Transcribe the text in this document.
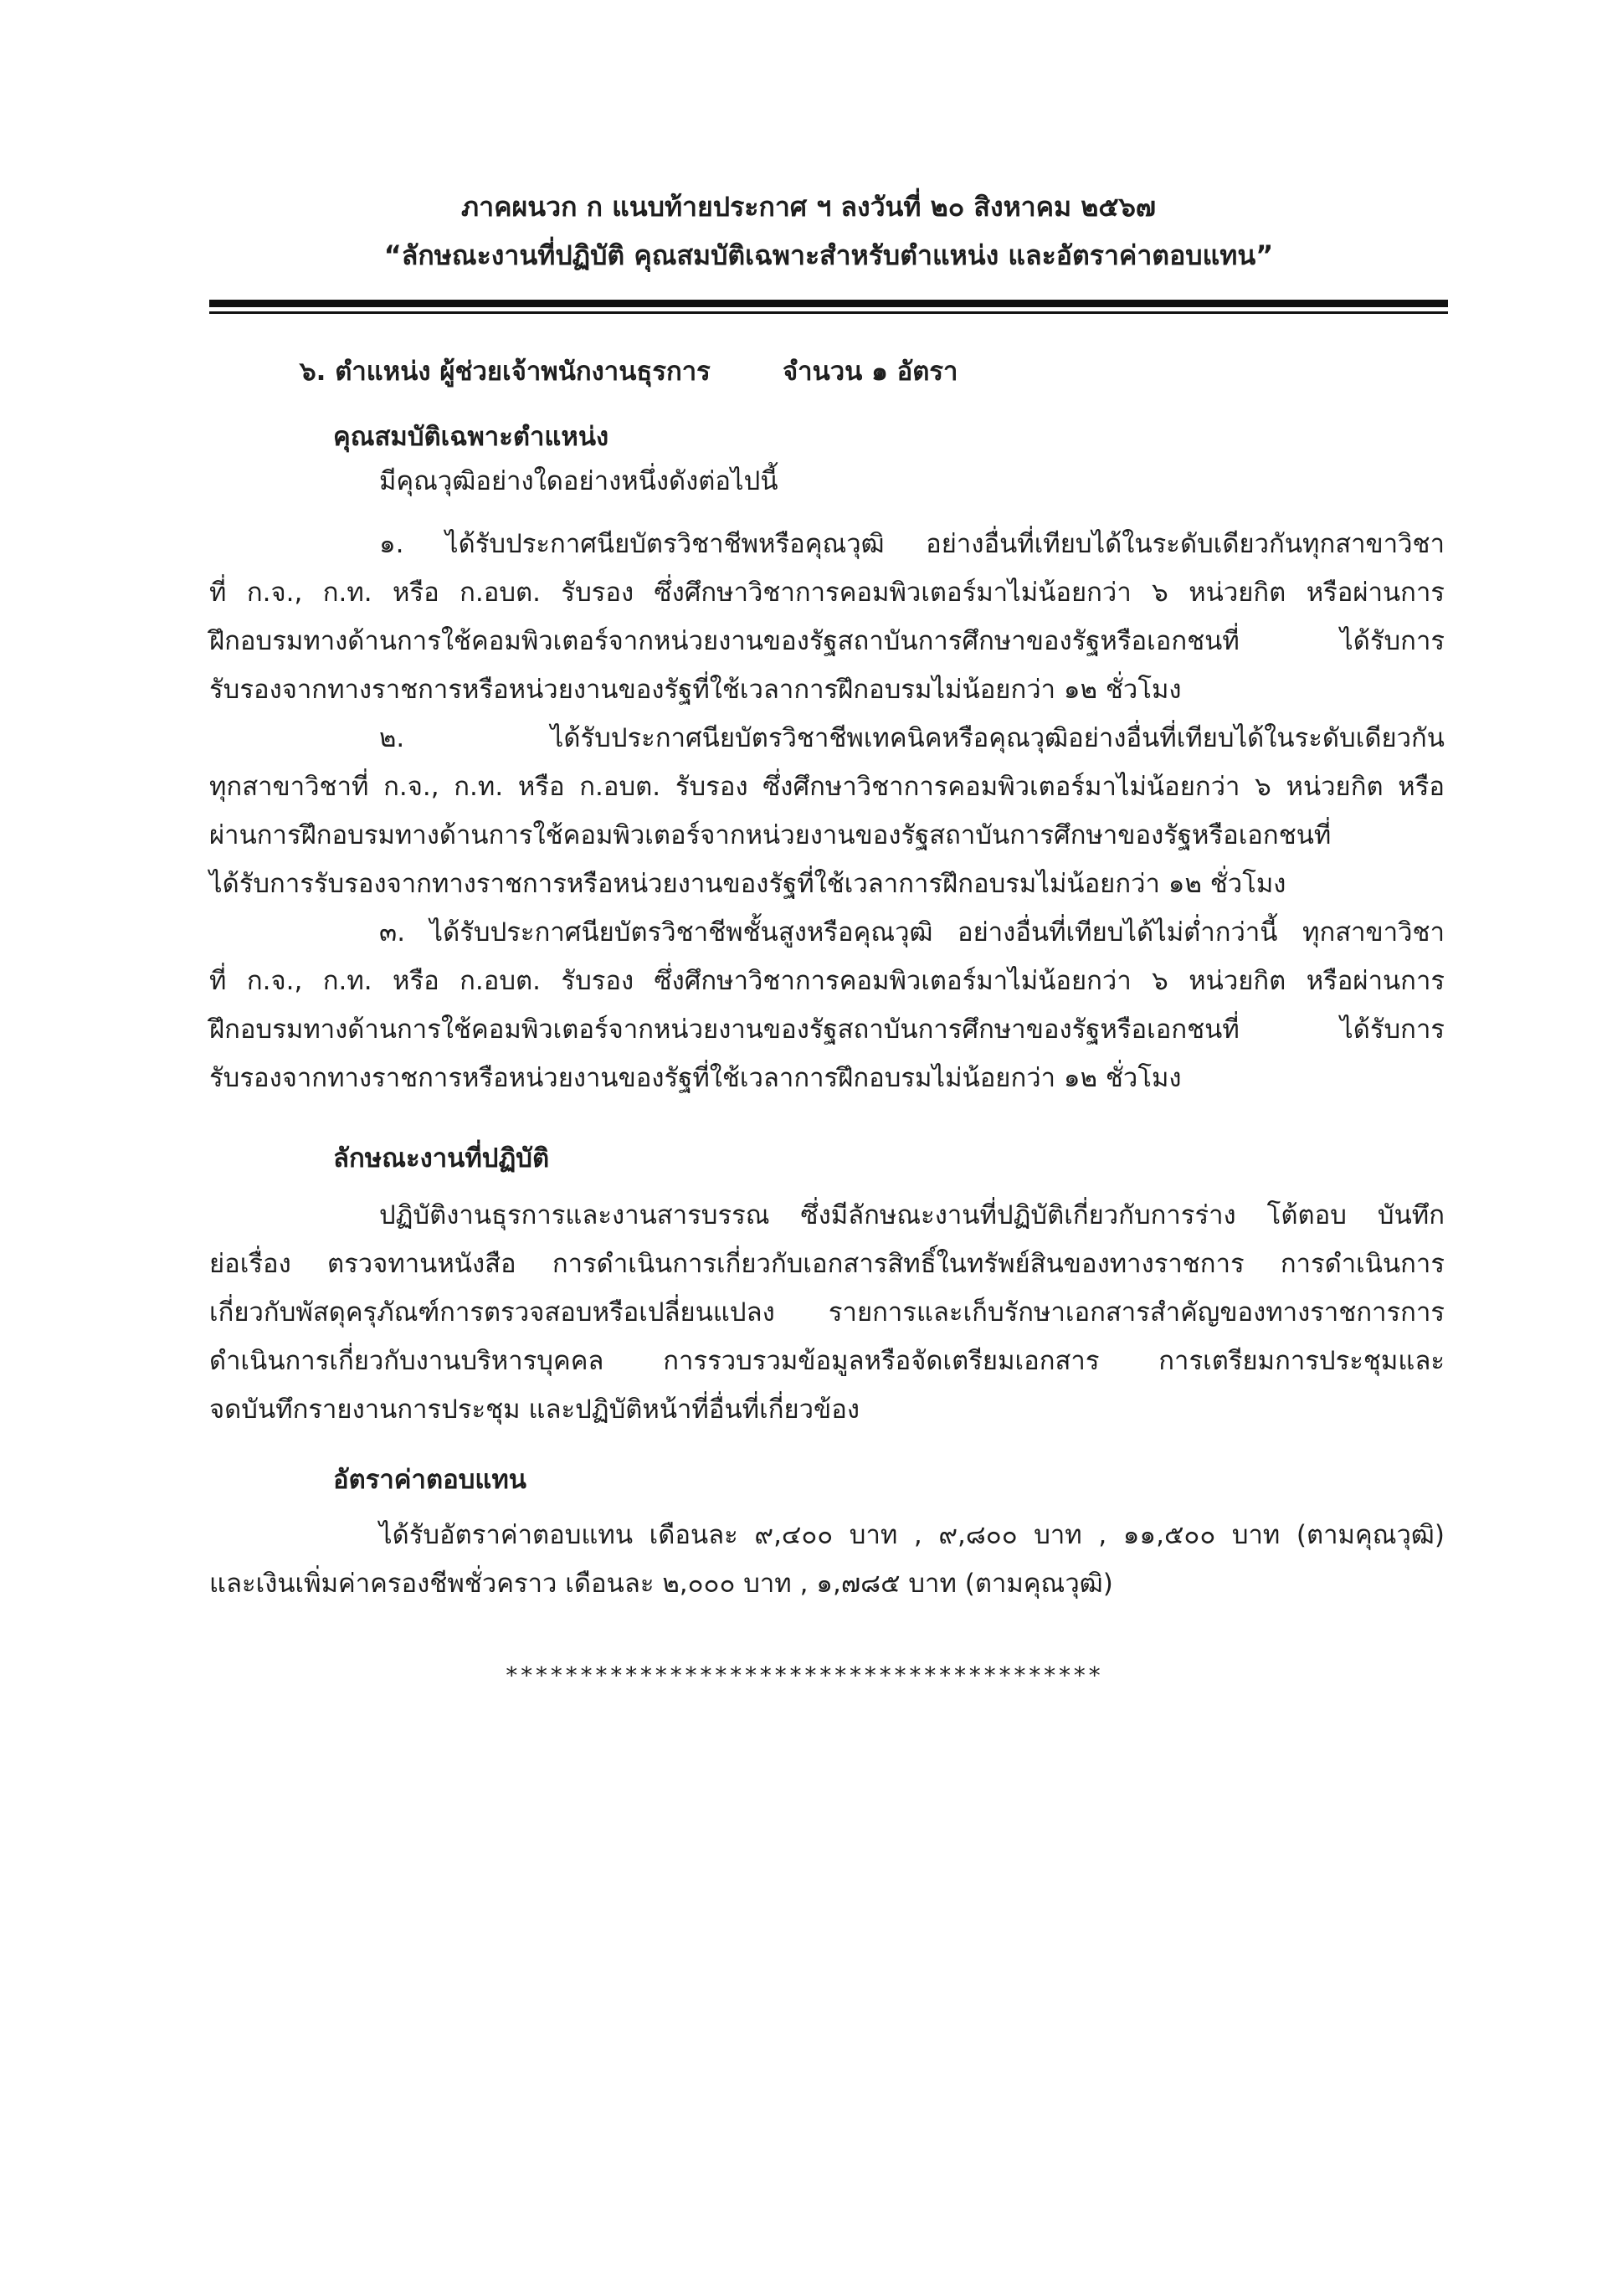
ภาคผนวก ก แนบท้ายประกาศ ฯ ลงวันที่ ๒๐ สิงหาคม ๒๕๖๗
“ลักษณะงานที่ปฏิบัติ คุณสมบัติเฉพาะสำหรับตำแหน่ง และอัตราค่าตอบแทน”
๖. ตำแหน่ง ผู้ช่วยเจ้าพนักงานธุรการ	จำนวน ๑ อัตรา
คุณสมบัติเฉพาะตำแหน่ง
มีคุณวุฒิอย่างใดอย่างหนึ่งดังต่อไปนี้
๑. ได้รับประกาศนียบัตรวิชาชีพหรือคุณวุฒิ อย่างอื่นที่เทียบได้ในระดับเดียวกันทุกสาขาวิชา
ที่ ก.จ., ก.ท. หรือ ก.อบต. รับรอง ซึ่งศึกษาวิชาการคอมพิวเตอร์มาไม่น้อยกว่า ๖ หน่วยกิต หรือผ่านการ
ฝึกอบรมทางด้านการใช้คอมพิวเตอร์จากหน่วยงานของรัฐสถาบันการศึกษาของรัฐหรือเอกชนที่ ได้รับการ
รับรองจากทางราชการหรือหน่วยงานของรัฐที่ใช้เวลาการฝึกอบรมไม่น้อยกว่า ๑๒ ชั่วโมง
๒. ได้รับประกาศนียบัตรวิชาชีพเทคนิคหรือคุณวุฒิอย่างอื่นที่เทียบได้ในระดับเดียวกัน
ทุกสาขาวิชาที่ ก.จ., ก.ท. หรือ ก.อบต. รับรอง ซึ่งศึกษาวิชาการคอมพิวเตอร์มาไม่น้อยกว่า ๖ หน่วยกิต หรือ
ผ่านการฝึกอบรมทางด้านการใช้คอมพิวเตอร์จากหน่วยงานของรัฐสถาบันการศึกษาของรัฐหรือเอกชนที่
ได้รับการรับรองจากทางราชการหรือหน่วยงานของรัฐที่ใช้เวลาการฝึกอบรมไม่น้อยกว่า ๑๒ ชั่วโมง
๓. ได้รับประกาศนียบัตรวิชาชีพชั้นสูงหรือคุณวุฒิ อย่างอื่นที่เทียบได้ไม่ต่ำกว่านี้ ทุกสาขาวิชา
ที่ ก.จ., ก.ท. หรือ ก.อบต. รับรอง ซึ่งศึกษาวิชาการคอมพิวเตอร์มาไม่น้อยกว่า ๖ หน่วยกิต หรือผ่านการ
ฝึกอบรมทางด้านการใช้คอมพิวเตอร์จากหน่วยงานของรัฐสถาบันการศึกษาของรัฐหรือเอกชนที่ ได้รับการ
รับรองจากทางราชการหรือหน่วยงานของรัฐที่ใช้เวลาการฝึกอบรมไม่น้อยกว่า ๑๒ ชั่วโมง
ลักษณะงานที่ปฏิบัติ
ปฏิบัติงานธุรการและงานสารบรรณ ซึ่งมีลักษณะงานที่ปฏิบัติเกี่ยวกับการร่าง โต้ตอบ บันทึก
ย่อเรื่อง ตรวจทานหนังสือ การดำเนินการเกี่ยวกับเอกสารสิทธิ์ในทรัพย์สินของทางราชการ การดำเนินการ
เกี่ยวกับพัสดุครุภัณฑ์การตรวจสอบหรือเปลี่ยนแปลง รายการและเก็บรักษาเอกสารสำคัญของทางราชการการ
ดำเนินการเกี่ยวกับงานบริหารบุคคล การรวบรวมข้อมูลหรือจัดเตรียมเอกสาร การเตรียมการประชุมและ
จดบันทึกรายงานการประชุม และปฏิบัติหน้าที่อื่นที่เกี่ยวข้อง
อัตราค่าตอบแทน
ได้รับอัตราค่าตอบแทน เดือนละ ๙,๔๐๐ บาท , ๙,๘๐๐ บาท , ๑๑,๕๐๐ บาท (ตามคุณวุฒิ)
และเงินเพิ่มค่าครองชีพชั่วคราว เดือนละ ๒,๐๐๐ บาท , ๑,๗๘๕ บาท (ตามคุณวุฒิ)
****************************************
